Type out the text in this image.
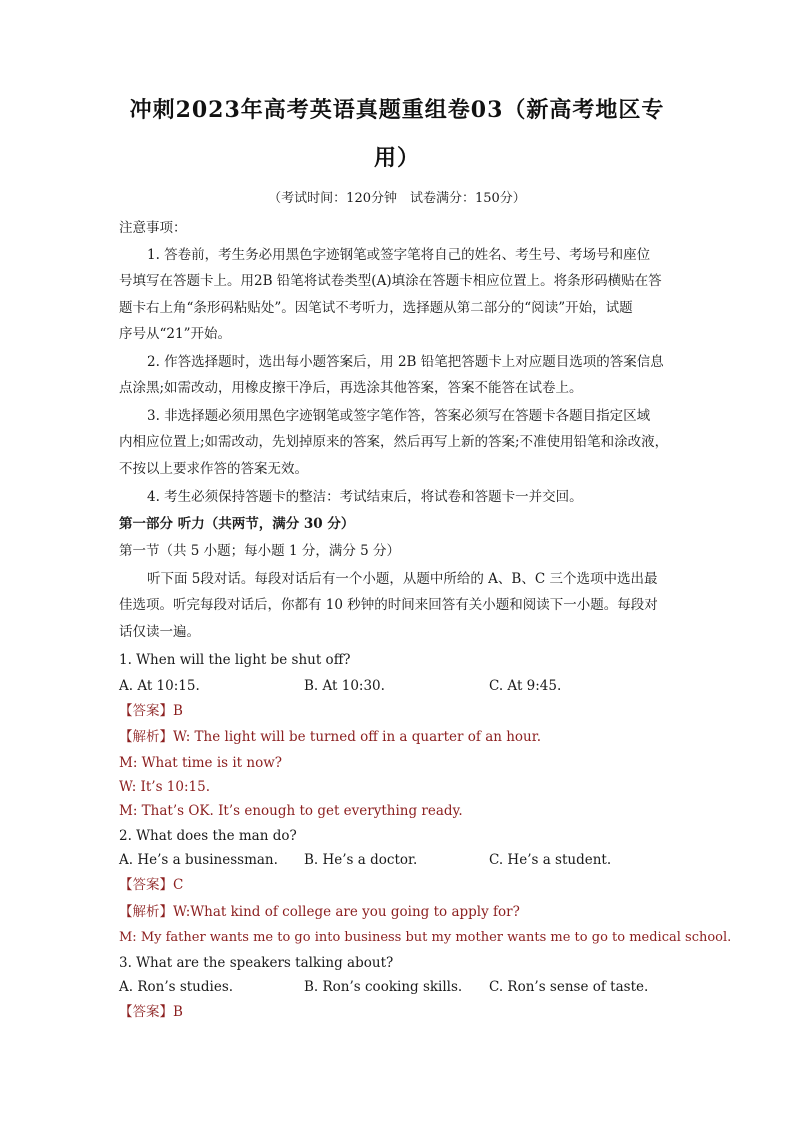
冲刺2023年高考英语真题重组卷03（新高考地区专
用）
（考试时间：120分钟　试卷满分：150分）
注意事项：
1. 答卷前，考生务必用黑色字迹钢笔或签字笔将自己的姓名、考生号、考场号和座位
号填写在答题卡上。用2B 铅笔将试卷类型(A)填涂在答题卡相应位置上。将条形码横贴在答
题卡右上角“条形码粘贴处”。因笔试不考听力，选择题从第二部分的“阅读”开始，试题
序号从“21”开始。
2. 作答选择题时，选出每小题答案后，用 2B 铅笔把答题卡上对应题目选项的答案信息
点涂黑;如需改动，用橡皮擦干净后，再选涂其他答案，答案不能答在试卷上。
3. 非选择题必须用黑色字迹钢笔或签字笔作答，答案必须写在答题卡各题目指定区域
内相应位置上;如需改动，先划掉原来的答案，然后再写上新的答案;不准使用铅笔和涂改液，
不按以上要求作答的答案无效。
4. 考生必须保持答题卡的整洁：考试结束后，将试卷和答题卡一并交回。
第一部分 听力（共两节，满分 30 分）
第一节（共 5 小题；每小题 1 分，满分 5 分）
听下面 5段对话。每段对话后有一个小题，从题中所给的 A、B、C 三个选项中选出最
佳选项。听完每段对话后，你都有 10 秒钟的时间来回答有关小题和阅读下一小题。每段对
话仅读一遍。
1. When will the light be shut off?
A. At 10:15.	B. At 10:30.	C. At 9:45.
【答案】B
【解析】W: The light will be turned off in a quarter of an hour.
M: What time is it now?
W: It’s 10:15.
M: That’s OK. It’s enough to get everything ready.
2. What does the man do?
A. He’s a businessman. B. He’s a doctor.	C. He’s a student.
【答案】C
【解析】W:What kind of college are you going to apply for?
M: My father wants me to go into business but my mother wants me to go to medical school.
3. What are the speakers talking about?
A. Ron’s studies.	B. Ron’s cooking skills. C. Ron’s sense of taste.
【答案】B
